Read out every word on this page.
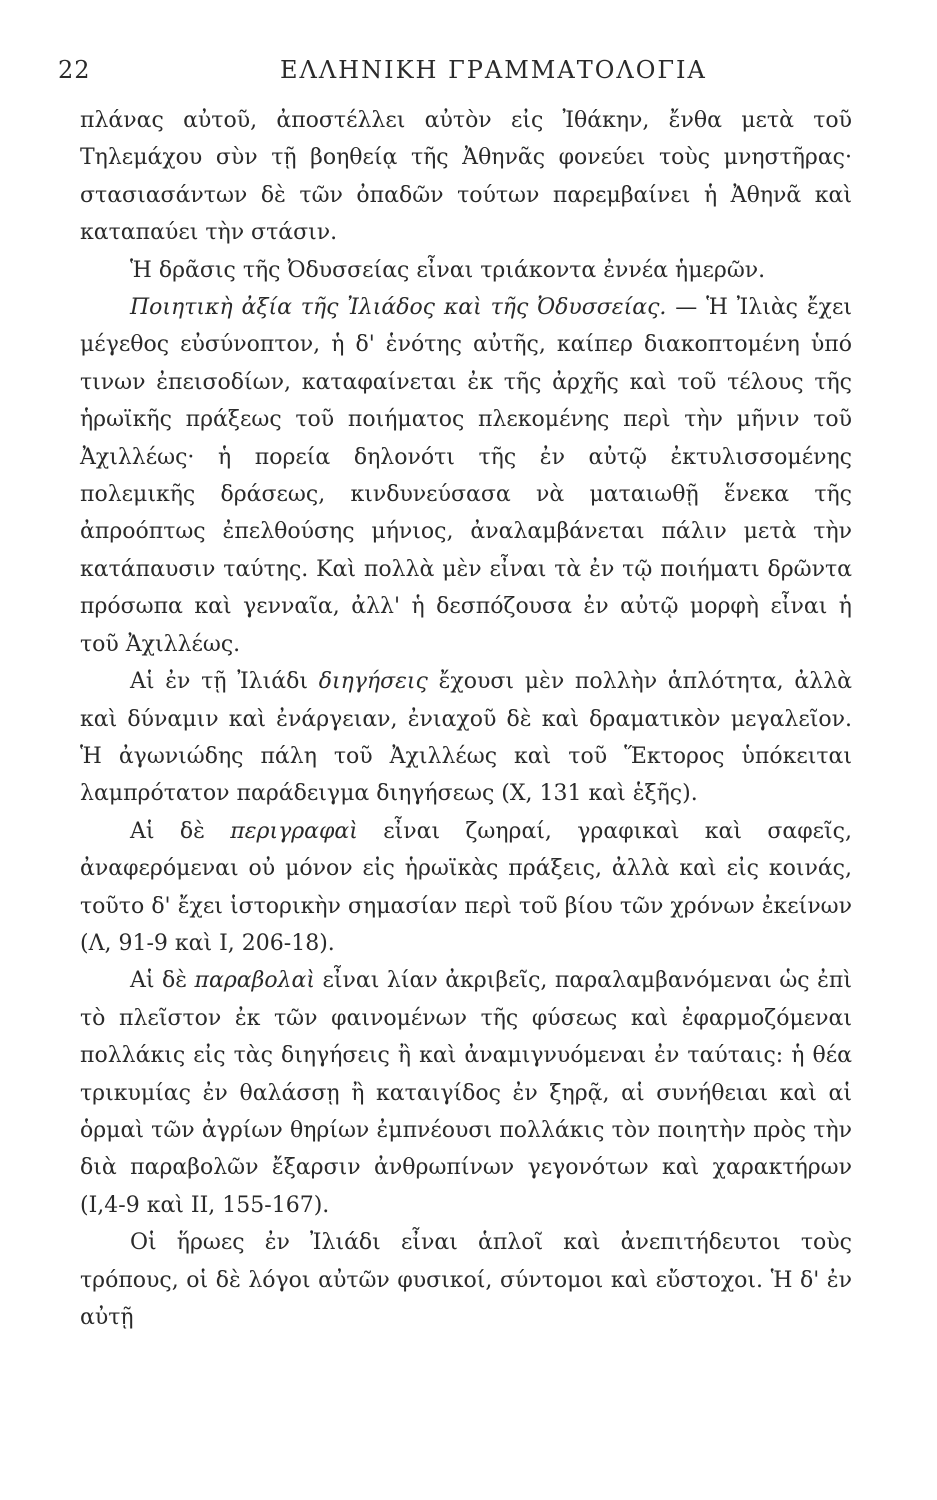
22	ΕΛΛΗΝΙΚΗ ΓΡΑΜΜΑΤΟΛΟΓΙΑ

πλάνας αὐτοῦ, ἀποστέλλει αὐτὸν εἰς Ἰθάκην, ἔνθα μετὰ τοῦ Τηλεμάχου σὺν τῇ βοηθείᾳ τῆς Ἀθηνᾶς φονεύει τοὺς μνηστῆρας· στασιασάντων δὲ τῶν ὀπαδῶν τούτων παρεμβαίνει ἡ Ἀθηνᾶ καὶ καταπαύει τὴν στάσιν.

Ἡ δρᾶσις τῆς Ὀδυσσείας εἶναι τριάκοντα ἐννέα ἡμερῶν.

Ποιητικὴ ἀξία τῆς Ἰλιάδος καὶ τῆς Ὀδυσσείας. — Ἡ Ἰλιὰς ἔχει μέγεθος εὐσύνοπτον, ἡ δ' ἑνότης αὐτῆς, καίπερ διακοπτομένη ὑπό τινων ἐπεισοδίων, καταφαίνεται ἐκ τῆς ἀρχῆς καὶ τοῦ τέλους τῆς ἡρωϊκῆς πράξεως τοῦ ποιήματος πλεκομένης περὶ τὴν μῆνιν τοῦ Ἀχιλλέως· ἡ πορεία δηλονότι τῆς ἐν αὐτῷ ἐκτυλισσομένης πολεμικῆς δράσεως, κινδυνεύσασα νὰ ματαιωθῇ ἕνεκα τῆς ἀπροόπτως ἐπελθούσης μήνιος, ἀναλαμβάνεται πάλιν μετὰ τὴν κατάπαυσιν ταύτης. Καὶ πολλὰ μὲν εἶναι τὰ ἐν τῷ ποιήματι δρῶντα πρόσωπα καὶ γενναῖα, ἀλλ' ἡ δεσπόζουσα ἐν αὐτῷ μορφὴ εἶναι ἡ τοῦ Ἀχιλλέως.

Αἱ ἐν τῇ Ἰλιάδι διηγήσεις ἔχουσι μὲν πολλὴν ἁπλότητα, ἀλλὰ καὶ δύναμιν καὶ ἐνάργειαν, ἐνιαχοῦ δὲ καὶ δραματικὸν μεγαλεῖον. Ἡ ἀγωνιώδης πάλη τοῦ Ἀχιλλέως καὶ τοῦ Ἕκτορος ὑπόκειται λαμπρότατον παράδειγμα διηγήσεως (Χ, 131 καὶ ἑξῆς).

Αἱ δὲ περιγραφαὶ εἶναι ζωηραί, γραφικαὶ καὶ σαφεῖς, ἀναφερόμεναι οὐ μόνον εἰς ἡρωϊκὰς πράξεις, ἀλλὰ καὶ εἰς κοινάς, τοῦτο δ' ἔχει ἱστορικὴν σημασίαν περὶ τοῦ βίου τῶν χρόνων ἐκείνων (Λ, 91-9 καὶ Ι, 206-18).

Αἱ δὲ παραβολαὶ εἶναι λίαν ἀκριβεῖς, παραλαμβανόμεναι ὡς ἐπὶ τὸ πλεῖστον ἐκ τῶν φαινομένων τῆς φύσεως καὶ ἐφαρμοζόμεναι πολλάκις εἰς τὰς διηγήσεις ἢ καὶ ἀναμιγνυόμεναι ἐν ταύταις: ἡ θέα τρικυμίας ἐν θαλάσσῃ ἢ καταιγίδος ἐν ξηρᾷ, αἱ συνήθειαι καὶ αἱ ὁρμαὶ τῶν ἀγρίων θηρίων ἐμπνέουσι πολλάκις τὸν ποιητὴν πρὸς τὴν διὰ παραβολῶν ἔξαρσιν ἀνθρωπίνων γεγονότων καὶ χαρακτήρων (Ι,4-9 καὶ ΙΙ, 155-167).

Οἱ ἥρωες ἐν Ἰλιάδι εἶναι ἁπλοῖ καὶ ἀνεπιτήδευτοι τοὺς τρόπους, οἱ δὲ λόγοι αὐτῶν φυσικοί, σύντομοι καὶ εὔστοχοι. Ἡ δ' ἐν αὐτῇ
